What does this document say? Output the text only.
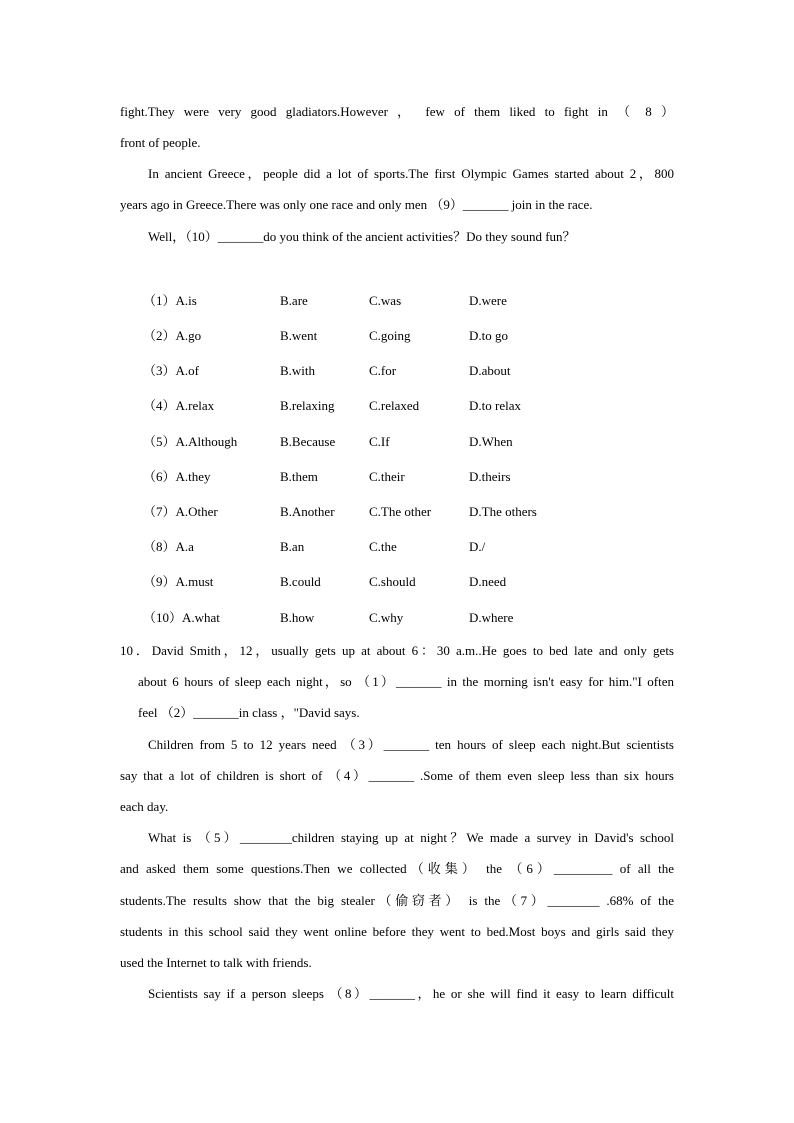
fight.They were very good gladiators.However ， few of them liked to fight in （ 8 ）
front of people.
In ancient Greece，people did a lot of sports.The first Olympic Games started about 2，800
years ago in Greece.There was only one race and only men （9）_______ join in the race.
Well，（10）_______do you think of the ancient activities？Do they sound fun？
（1）A.is	B.are	C.was	D.were
（2）A.go	B.went	C.going	D.to go
（3）A.of	B.with	C.for	D.about
（4）A.relax	B.relaxing	C.relaxed	D.to relax
（5）A.Although	B.Because	C.If	D.When
（6）A.they	B.them	C.their	D.theirs
（7）A.Other	B.Another	C.The other	D.The others
（8）A.a	B.an	C.the	D./
（9）A.must	B.could	C.should	D.need
（10）A.what	B.how	C.why	D.where
10．David Smith，12，usually gets up at about 6：30 a.m..He goes to bed late and only gets
about 6 hours of sleep each night，so （1）_______ in the morning isn't easy for him."I often
feel （2）_______in class ，"David says.
Children from 5 to 12 years need （3）_______ ten hours of sleep each night.But scientists
say that a lot of children is short of （4）_______ .Some of them even sleep less than six hours
each day.
What is （5）________children staying up at night？We made a survey in David's school
and asked them some questions.Then we collected（收集） the （6）_________ of all the
students.The results show that the big stealer（偷窃者） is the（7）________ .68% of the
students in this school said they went online before they went to bed.Most boys and girls said they
used the Internet to talk with friends.
Scientists say if a person sleeps （8）_______，he or she will find it easy to learn difficult
